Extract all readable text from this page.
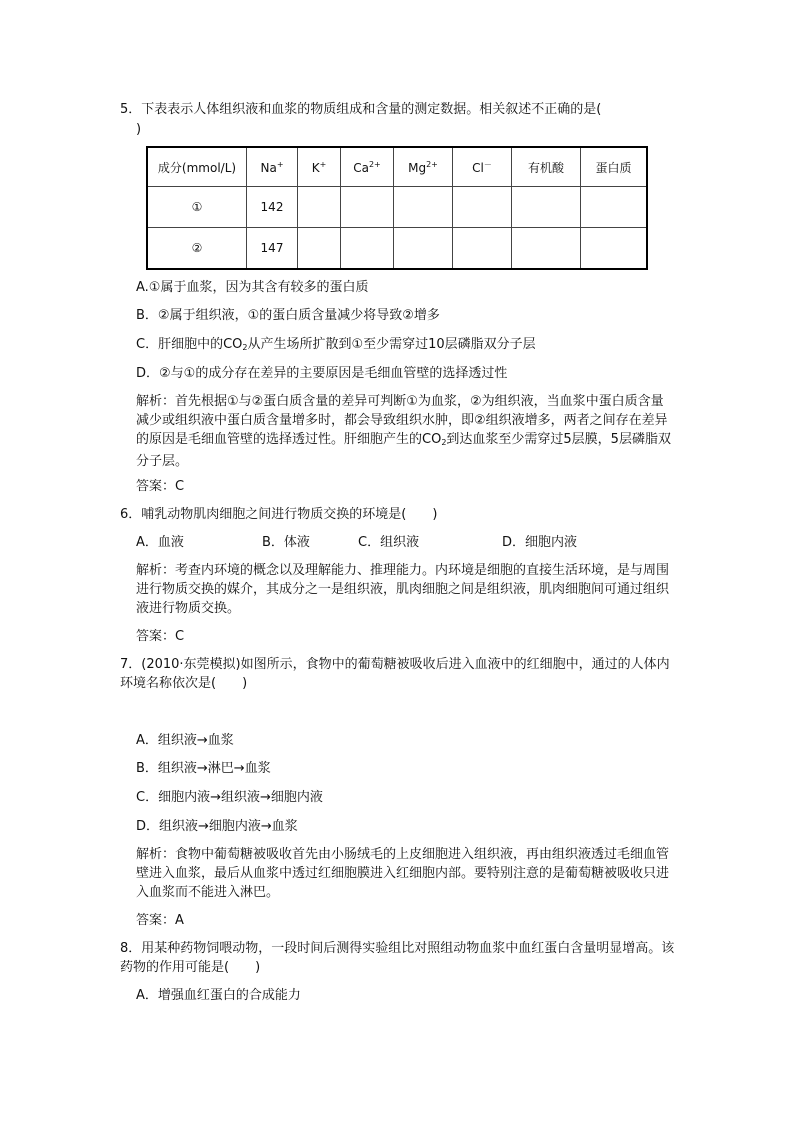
5．下表表示人体组织液和血浆的物质组成和含量的测定数据。相关叙述不正确的是(
)
成分(mmol/L)	Na+	K+	$Ca^{2+}$	$Mg^{2+}$	Cl－	有机酸	蛋白质
①	142						
②	147						
A.①属于血浆，因为其含有较多的蛋白质
B．②属于组织液，①的蛋白质含量减少将导致②增多
C．肝细胞中的$CO_2$从产生场所扩散到①至少需穿过10层磷脂双分子层
D．②与①的成分存在差异的主要原因是毛细血管壁的选择透过性
解析：首先根据①与②蛋白质含量的差异可判断①为血浆，②为组织液，当血浆中蛋白质含量减少或组织液中蛋白质含量增多时，都会导致组织水肿，即②组织液增多，两者之间存在差异的原因是毛细血管壁的选择透过性。肝细胞产生的$CO_2$到达血浆至少需穿过5层膜，5层磷脂双分子层。
答案：C
6．哺乳动物肌肉细胞之间进行物质交换的环境是(　　)
A．血液	B．体液	C．组织液	D．细胞内液
解析：考查内环境的概念以及理解能力、推理能力。内环境是细胞的直接生活环境，是与周围进行物质交换的媒介，其成分之一是组织液，肌肉细胞之间是组织液，肌肉细胞间可通过组织液进行物质交换。
答案：C
7．(2010·东莞模拟)如图所示，食物中的葡萄糖被吸收后进入血液中的红细胞中，通过的人体内环境名称依次是(　　)
A．组织液→血浆
B．组织液→淋巴→血浆
C．细胞内液→组织液→细胞内液
D．组织液→细胞内液→血浆
解析：食物中葡萄糖被吸收首先由小肠绒毛的上皮细胞进入组织液，再由组织液透过毛细血管壁进入血浆，最后从血浆中透过红细胞膜进入红细胞内部。要特别注意的是葡萄糖被吸收只进入血浆而不能进入淋巴。
答案：A
8．用某种药物饲喂动物，一段时间后测得实验组比对照组动物血浆中血红蛋白含量明显增高。该药物的作用可能是(　　)
A．增强血红蛋白的合成能力
